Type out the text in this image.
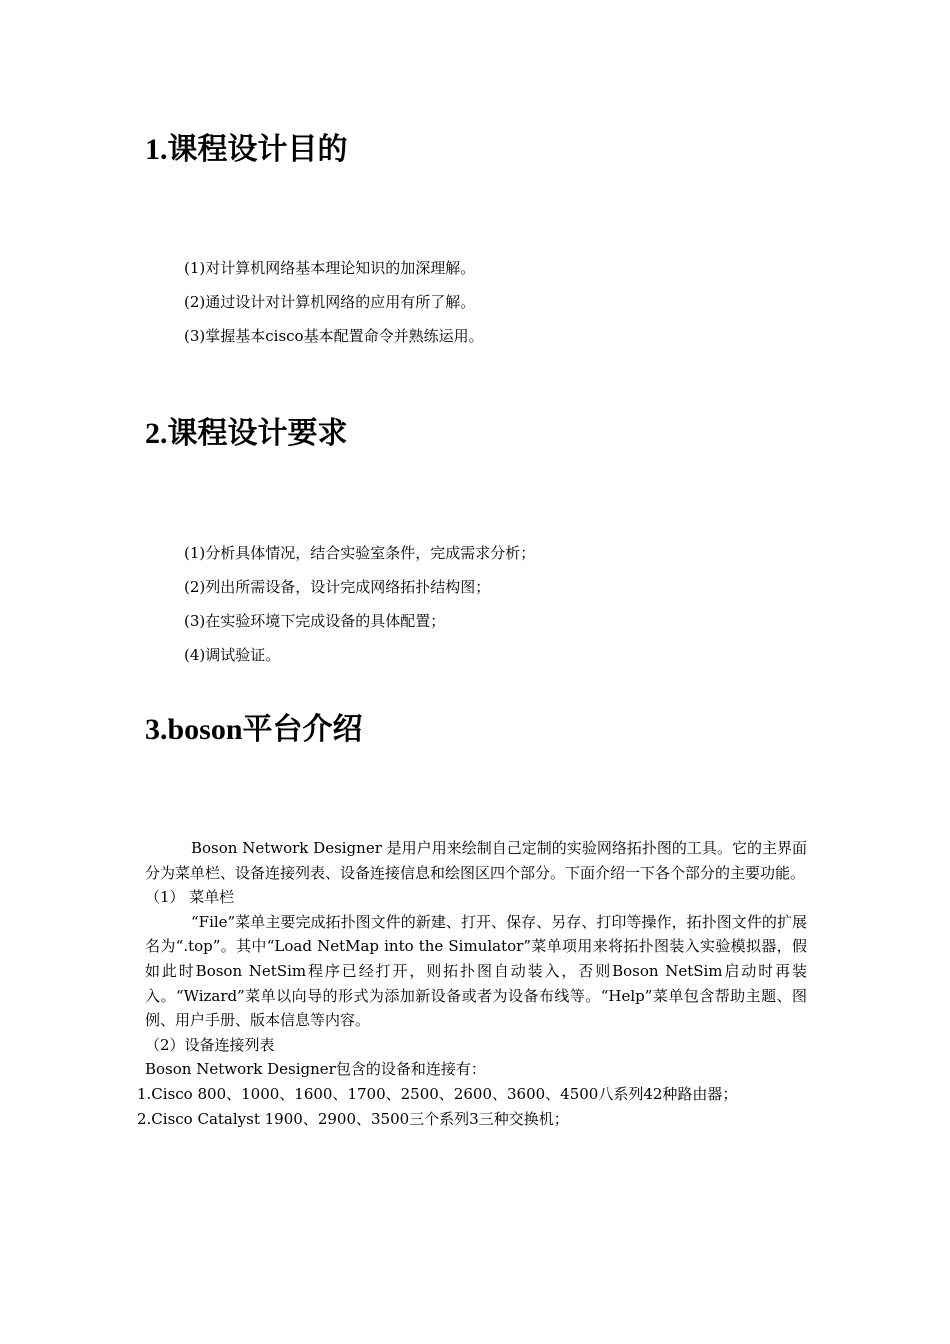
1.课程设计目的
(1)对计算机网络基本理论知识的加深理解。
(2)通过设计对计算机网络的应用有所了解。
(3)掌握基本cisco基本配置命令并熟练运用。
2.课程设计要求
(1)分析具体情况，结合实验室条件，完成需求分析；
(2)列出所需设备，设计完成网络拓扑结构图；
(3)在实验环境下完成设备的具体配置；
(4)调试验证。
3.boson平台介绍

Boson Network Designer 是用户用来绘制自己定制的实验网络拓扑图的工具。它的主界面分为菜单栏、设备连接列表、设备连接信息和绘图区四个部分。下面介绍一下各个部分的主要功能。

（1） 菜单栏

“File”菜单主要完成拓扑图文件的新建、打开、保存、另存、打印等操作，拓扑图文件的扩展名为“.top”。其中“Load NetMap into the Simulator”菜单项用来将拓扑图装入实验模拟器，假如此时Boson NetSim程序已经打开，则拓扑图自动装入，否则Boson NetSim启动时再装入。“Wizard”菜单以向导的形式为添加新设备或者为设备布线等。“Help”菜单包含帮助主题、图例、用户手册、版本信息等内容。

（2）设备连接列表

Boson Network Designer包含的设备和连接有：

1.Cisco 800、1000、1600、1700、2500、2600、3600、4500八系列42种路由器；
2.Cisco Catalyst 1900、2900、3500三个系列3三种交换机；
